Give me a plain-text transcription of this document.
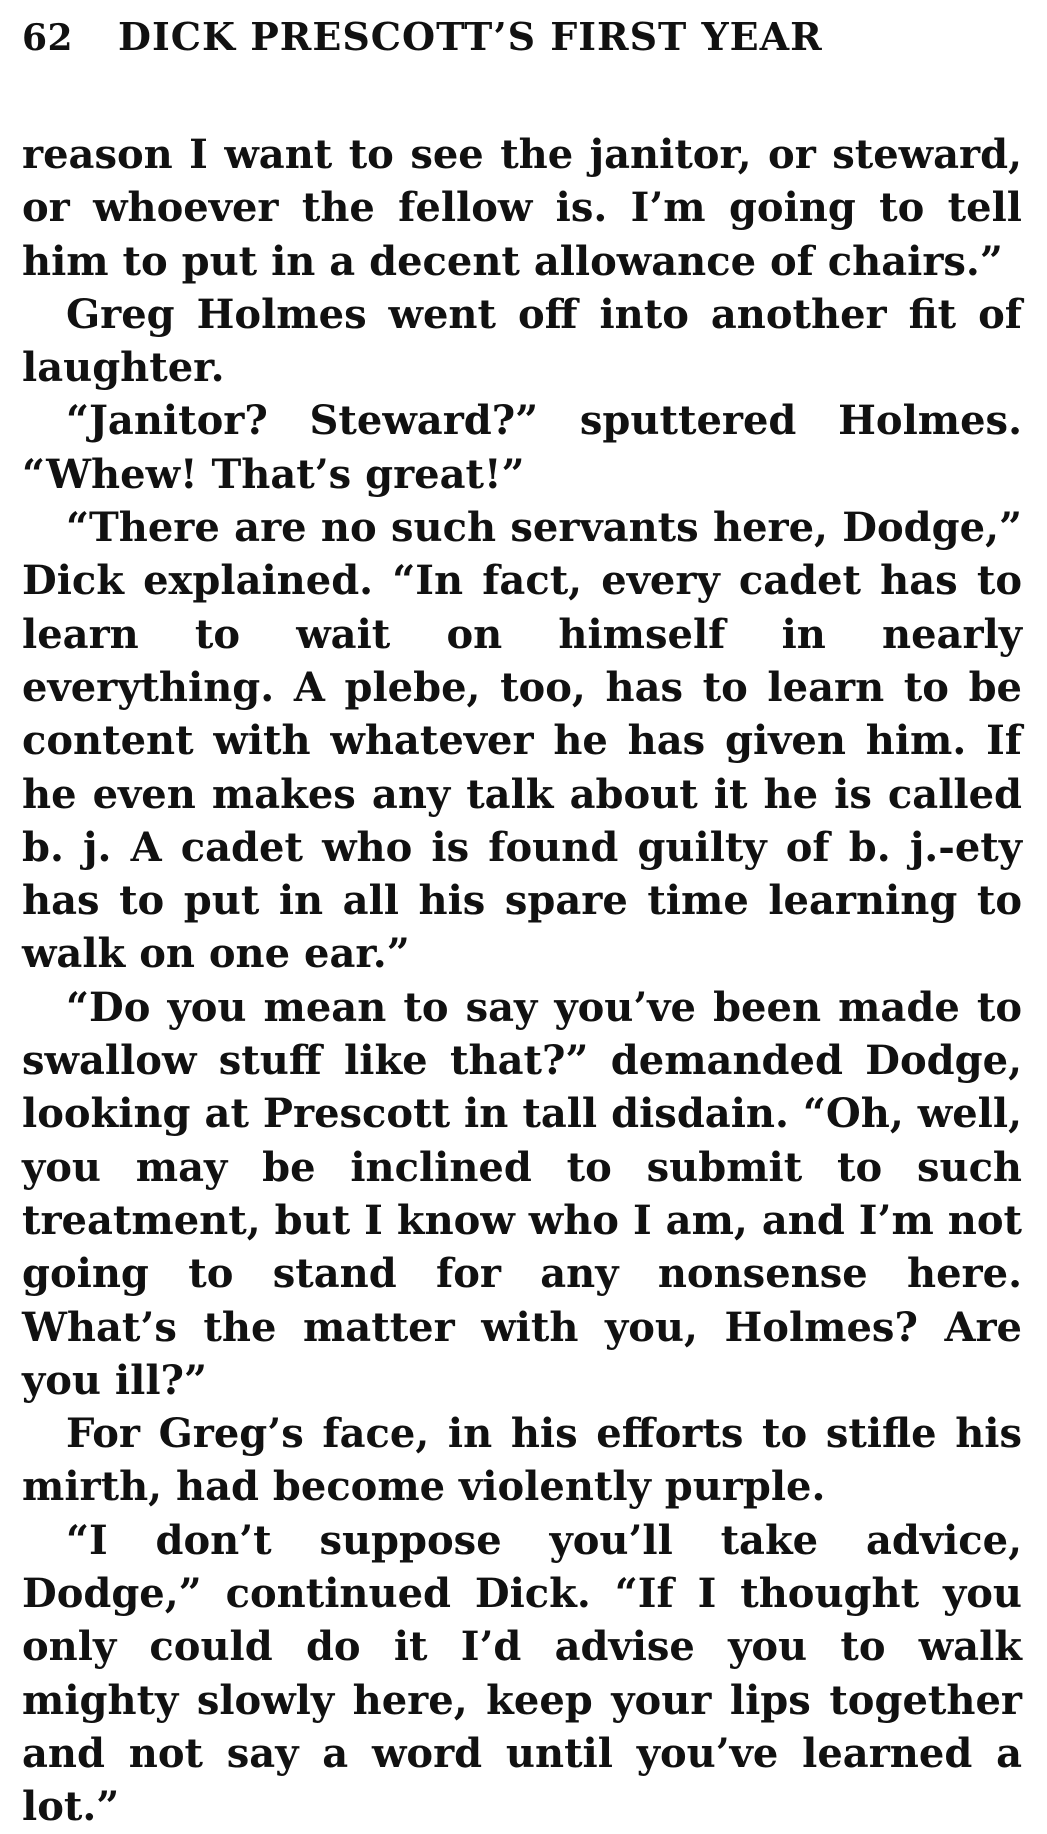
62	DICK PRESCOTT’S FIRST YEAR

reason I want to see the janitor, or steward, or whoever the fellow is. I’m going to tell him to put in a decent allowance of chairs.”

Greg Holmes went off into another fit of laughter.

“Janitor? Steward?” sputtered Holmes. “Whew! That’s great!”

“There are no such servants here, Dodge,” Dick explained. “In fact, every cadet has to learn to wait on himself in nearly everything. A plebe, too, has to learn to be content with whatever he has given him. If he even makes any talk about it he is called b. j. A cadet who is found guilty of b. j.-ety has to put in all his spare time learning to walk on one ear.”

“Do you mean to say you’ve been made to swallow stuff like that?” demanded Dodge, looking at Prescott in tall disdain. “Oh, well, you may be inclined to submit to such treatment, but I know who I am, and I’m not going to stand for any nonsense here. What’s the matter with you, Holmes? Are you ill?”

For Greg’s face, in his efforts to stifle his mirth, had become violently purple.

“I don’t suppose you’ll take advice, Dodge,” continued Dick. “If I thought you only could do it I’d advise you to walk mighty slowly here, keep your lips together and not say a word until you’ve learned a lot.”
